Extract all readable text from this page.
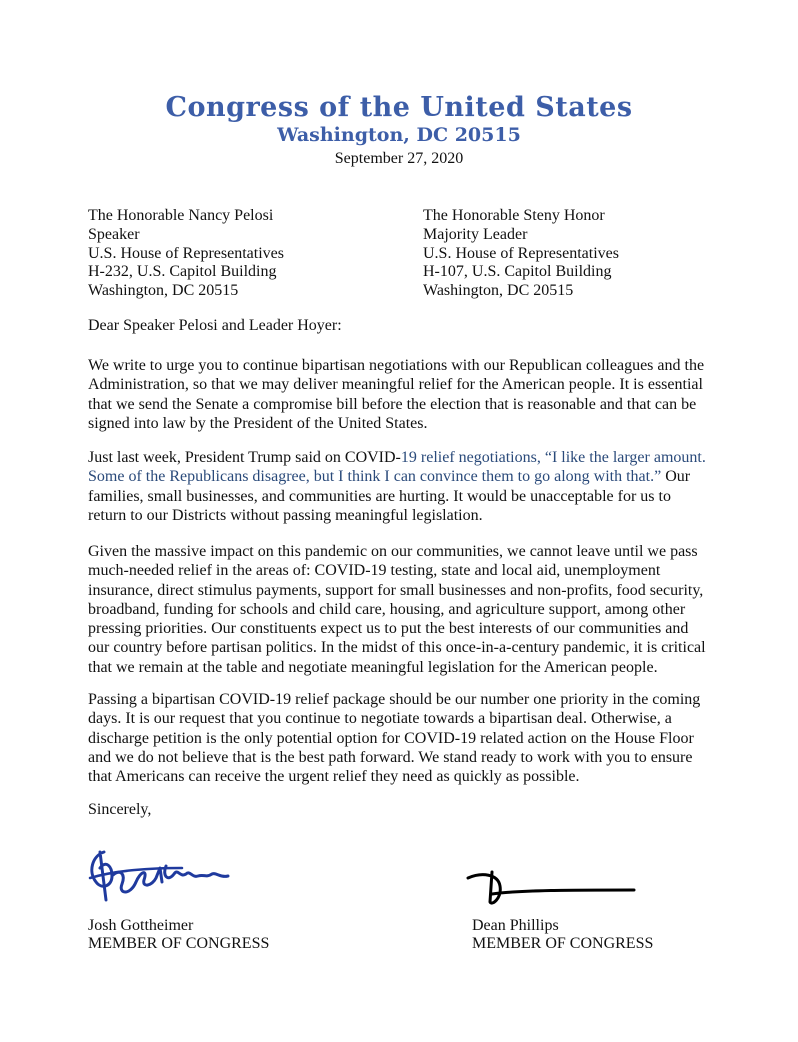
Congress of the United States
Washington, DC 20515
September 27, 2020
The Honorable Nancy Pelosi
Speaker
U.S. House of Representatives
H-232, U.S. Capitol Building
Washington, DC 20515
The Honorable Steny Honor
Majority Leader
U.S. House of Representatives
H-107, U.S. Capitol Building
Washington, DC 20515
Dear Speaker Pelosi and Leader Hoyer:

We write to urge you to continue bipartisan negotiations with our Republican colleagues and the Administration, so that we may deliver meaningful relief for the American people. It is essential that we send the Senate a compromise bill before the election that is reasonable and that can be signed into law by the President of the United States.

Just last week, President Trump said on COVID-19 relief negotiations, “I like the larger amount. Some of the Republicans disagree, but I think I can convince them to go along with that.” Our families, small businesses, and communities are hurting. It would be unacceptable for us to return to our Districts without passing meaningful legislation.

Given the massive impact on this pandemic on our communities, we cannot leave until we pass much-needed relief in the areas of: COVID-19 testing, state and local aid, unemployment insurance, direct stimulus payments, support for small businesses and non-profits, food security, broadband, funding for schools and child care, housing, and agriculture support, among other pressing priorities. Our constituents expect us to put the best interests of our communities and our country before partisan politics. In the midst of this once-in-a-century pandemic, it is critical that we remain at the table and negotiate meaningful legislation for the American people.

Passing a bipartisan COVID-19 relief package should be our number one priority in the coming days. It is our request that you continue to negotiate towards a bipartisan deal. Otherwise, a discharge petition is the only potential option for COVID-19 related action on the House Floor and we do not believe that is the best path forward. We stand ready to work with you to ensure that Americans can receive the urgent relief they need as quickly as possible.

Sincerely,
Josh Gottheimer
MEMBER OF CONGRESS
Dean Phillips
MEMBER OF CONGRESS
